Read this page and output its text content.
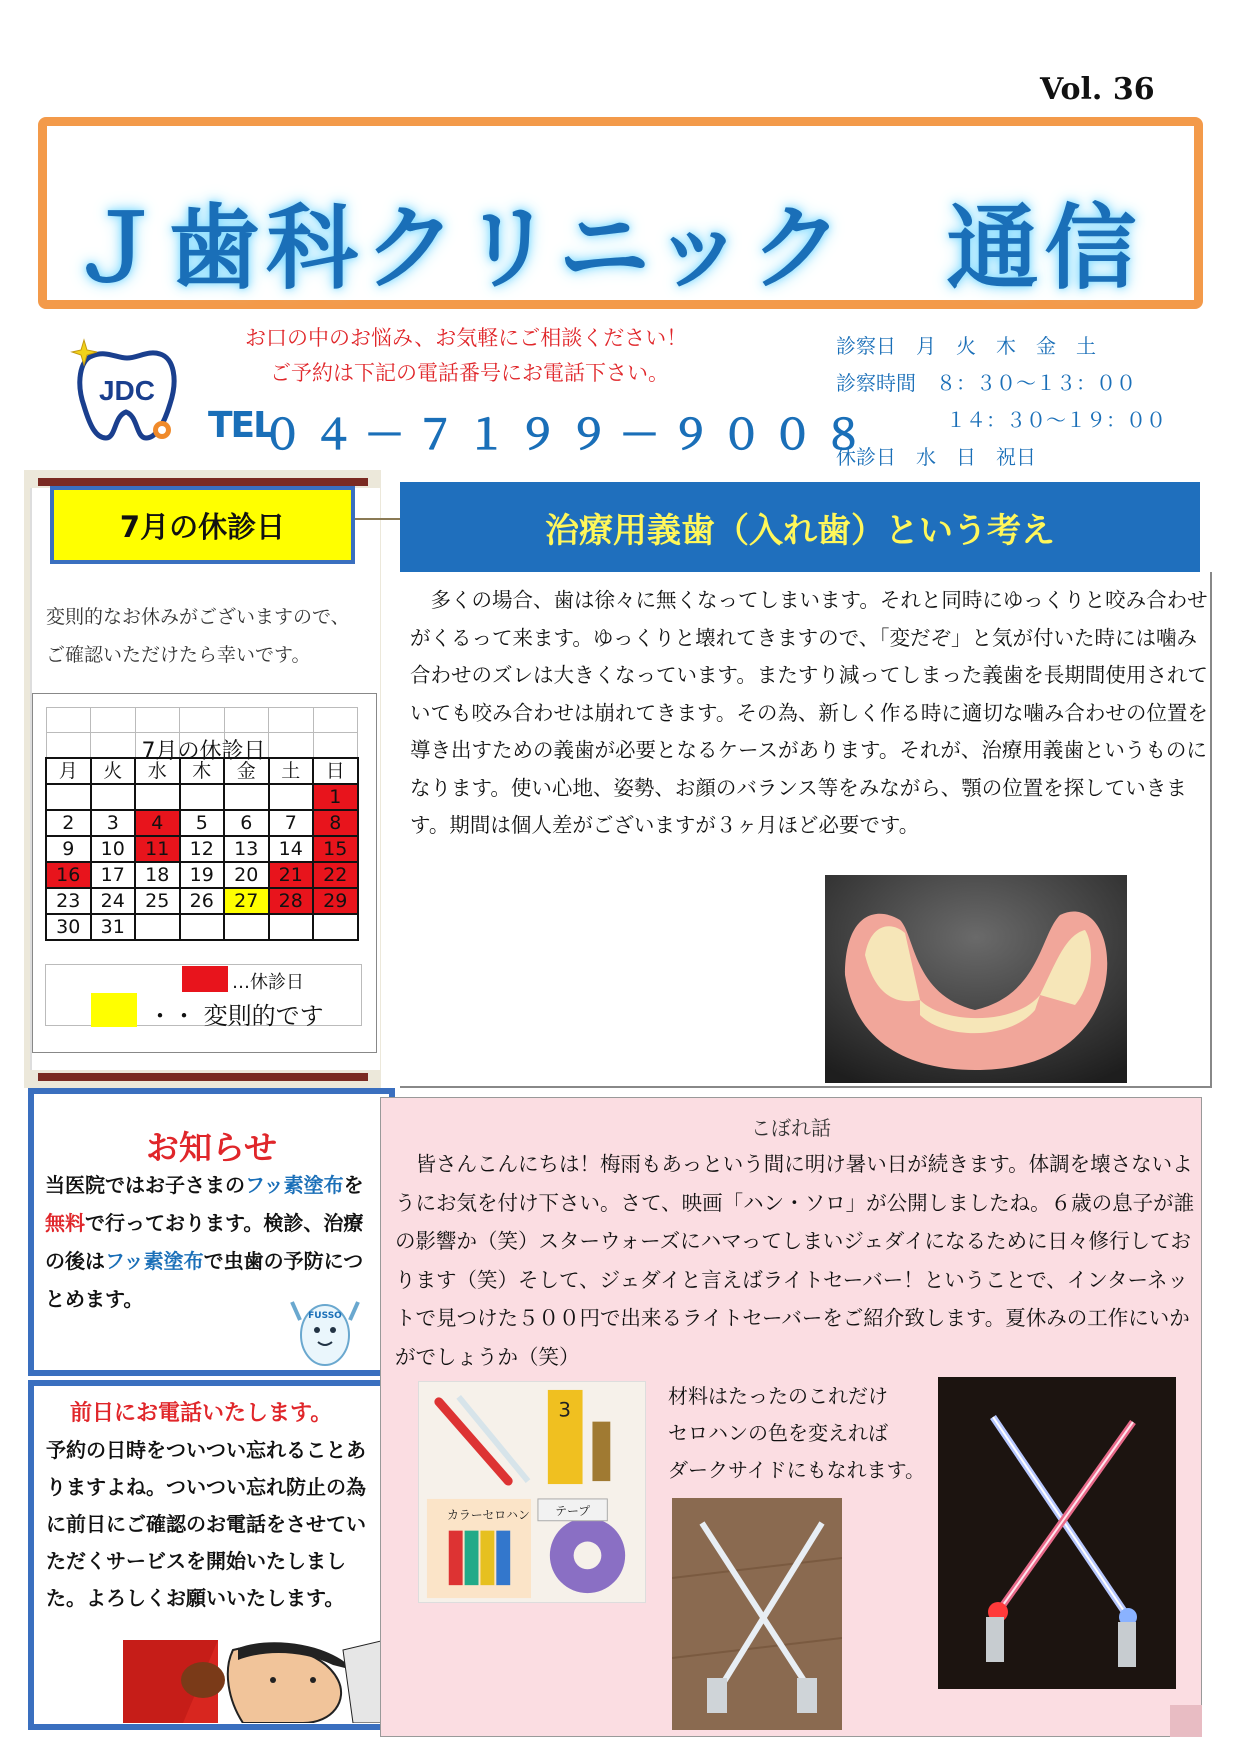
Vol. 36
Ｊ歯科クリニック　通信
JDC
お口の中のお悩み、お気軽にご相談ください！
ご予約は下記の電話番号にお電話下さい。
TEL
０４－７１９９－９００８
診察日　月　火　木　金　土
診察時間　８：３０～１３：００
１４：３０～１９：００
休診日　水　日　祝日
7月の休診日
変則的なお休みがございますので、ご確認いただけたら幸いです。

月	火	水	木	金	土	日
						1
2	3	4	5	6	7	8
9	10	11	12	13	14	15
16	17	18	19	20	21	22
23	24	25	26	27	28	29
30	31					
7月の休診日
…休診日
・・ 変則的です
治療用義歯（入れ歯）という考え
多くの場合、歯は徐々に無くなってしまいます。それと同時にゆっくりと咬み合わせがくるって来ます。ゆっくりと壊れてきますので、「変だぞ」と気が付いた時には噛み合わせのズレは大きくなっています。またすり減ってしまった義歯を長期間使用されていても咬み合わせは崩れてきます。その為、新しく作る時に適切な噛み合わせの位置を導き出すための義歯が必要となるケースがあります。それが、治療用義歯というものになります。使い心地、姿勢、お顔のバランス等をみながら、顎の位置を探していきます。期間は個人差がございますが３ヶ月ほど必要です。
お知らせ
当医院ではお子さまのフッ素塗布を無料で行っております。検診、治療の後はフッ素塗布で虫歯の予防につとめます。
FUSSO
前日にお電話いたします。
予約の日時をついつい忘れることありますよね。ついつい忘れ防止の為に前日にご確認のお電話をさせていただくサービスを開始いたしました。よろしくお願いいたします。
こぼれ話
皆さんこんにちは！梅雨もあっという間に明け暑い日が続きます。体調を壊さないようにお気を付け下さい。さて、映画「ハン・ソロ」が公開しましたね。６歳の息子が誰の影響か（笑）スターウォーズにハマってしまいジェダイになるために日々修行しております（笑）そして、ジェダイと言えばライトセーバー！ということで、インターネットで見つけた５００円で出来るライトセーバーをご紹介致します。夏休みの工作にいかがでしょうか（笑）
3
カラーセロハン テープ
材料はたったのこれだけ
セロハンの色を変えれば
ダークサイドにもなれます。
